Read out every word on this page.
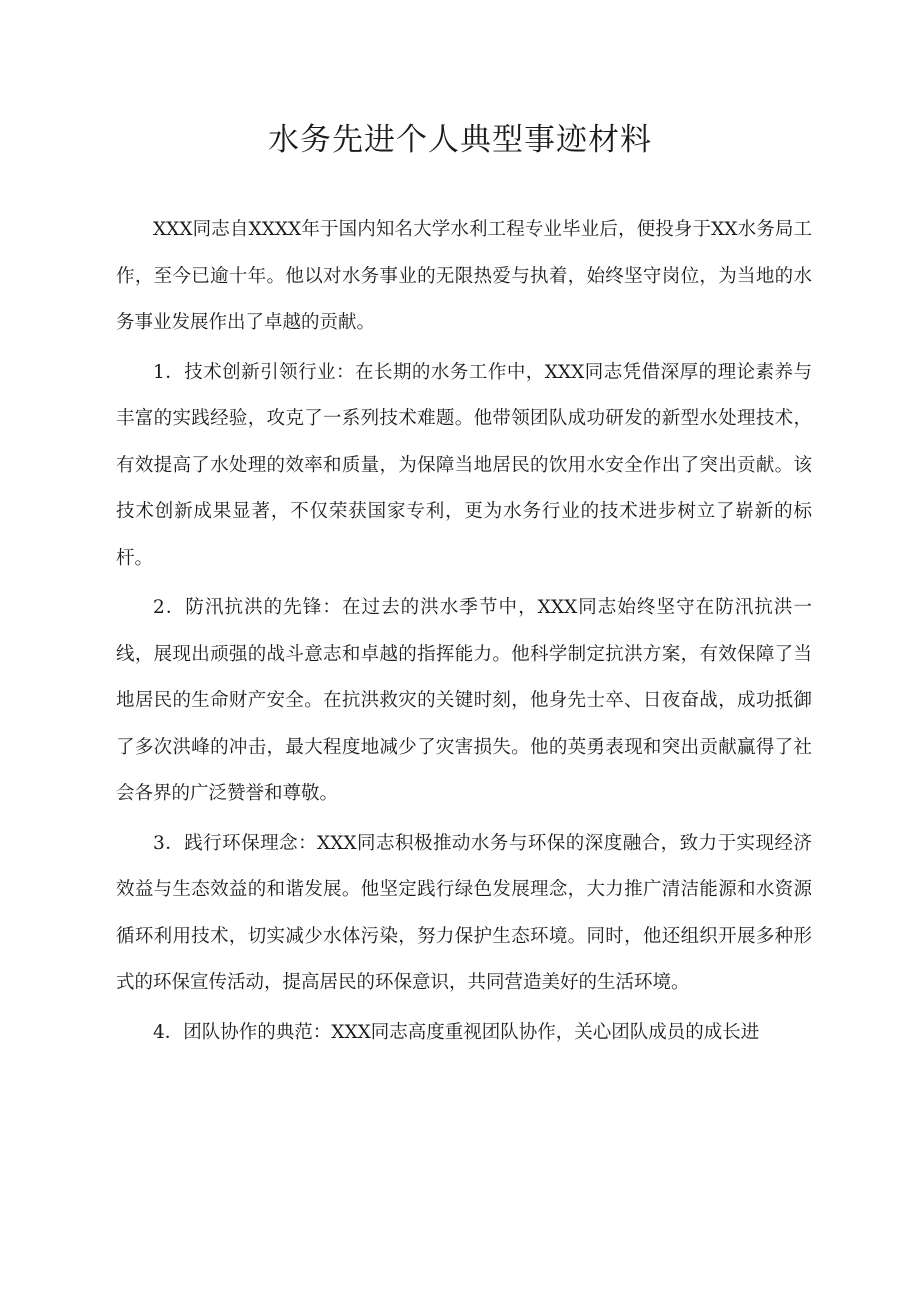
水务先进个人典型事迹材料

XXX同志自XXXX年于国内知名大学水利工程专业毕业后，便投身于XX水务局工作，至今已逾十年。他以对水务事业的无限热爱与执着，始终坚守岗位，为当地的水务事业发展作出了卓越的贡献。

1．技术创新引领行业：在长期的水务工作中，XXX同志凭借深厚的理论素养与丰富的实践经验，攻克了一系列技术难题。他带领团队成功研发的新型水处理技术，有效提高了水处理的效率和质量，为保障当地居民的饮用水安全作出了突出贡献。该技术创新成果显著，不仅荣获国家专利，更为水务行业的技术进步树立了崭新的标杆。

2．防汛抗洪的先锋：在过去的洪水季节中，XXX同志始终坚守在防汛抗洪一线，展现出顽强的战斗意志和卓越的指挥能力。他科学制定抗洪方案，有效保障了当地居民的生命财产安全。在抗洪救灾的关键时刻，他身先士卒、日夜奋战，成功抵御了多次洪峰的冲击，最大程度地减少了灾害损失。他的英勇表现和突出贡献赢得了社会各界的广泛赞誉和尊敬。

3．践行环保理念：XXX同志积极推动水务与环保的深度融合，致力于实现经济效益与生态效益的和谐发展。他坚定践行绿色发展理念，大力推广清洁能源和水资源循环利用技术，切实减少水体污染，努力保护生态环境。同时，他还组织开展多种形式的环保宣传活动，提高居民的环保意识，共同营造美好的生活环境。

4．团队协作的典范：XXX同志高度重视团队协作，关心团队成员的成长进
